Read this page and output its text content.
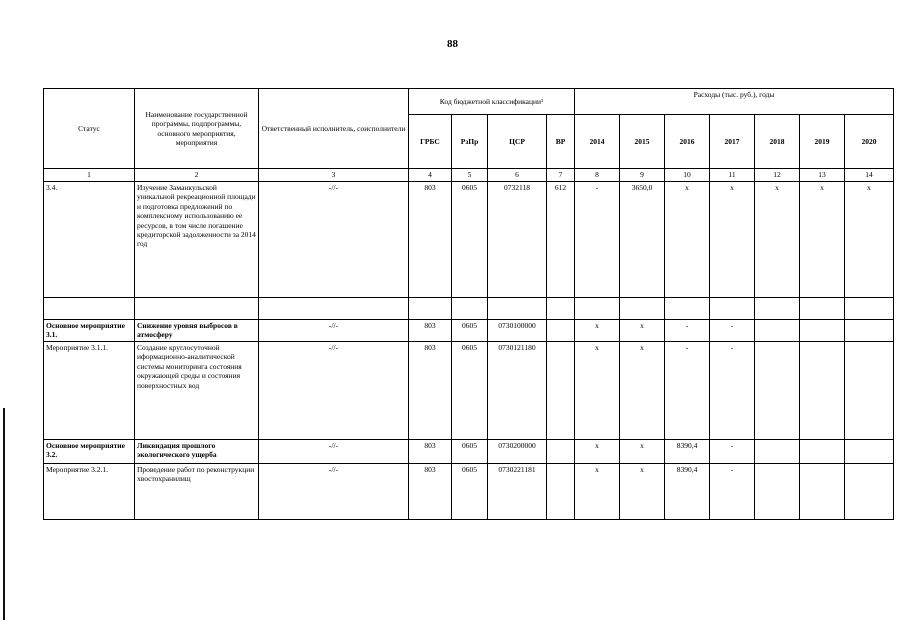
88
Статус	Наименование государственной программы, подпрограммы, основного мероприятия, мероприятия	Ответственный исполнитель, соисполнители	Код бюджетной классификации¹				Расходы (тыс. руб.), годы						
			ГРБС	РзПр	ЦСР	ВР	2014	2015	2016	2017	2018	2019	2020
1	2	3	4	5	6	7	8	9	10	11	12	13	14
3.4.	Изучение Заманкульской уникальной рекреационной площади и подготовка предложений по комплексному использованию ее ресурсов, в том числе погашение кредиторской задолженности за 2014 год	-//-	803	0605	0732118	612	-	3650,0	x	x	x	x	x

Основное мероприятие 3.1.	Снижение уровня выбросов в атмосферу	-//-	803	0605	0730100000		x	x	-	-			
Мероприятие 3.1.1.	Создание круглосуточной иформационно-аналитической системы мониторинга состояния окружающей среды и состояния поверхностных вод	-//-	803	0605	0730121180		x	x	-	-			
Основное мероприятие 3.2.	Ликвидация прошлого экологического ущерба	-//-	803	0605	0730200000		x	x	8390,4	-			
Мероприятие 3.2.1.	Проведение работ по реконструкции хвостохранилищ	-//-	803	0605	0730221181		x	x	8390,4	-			
